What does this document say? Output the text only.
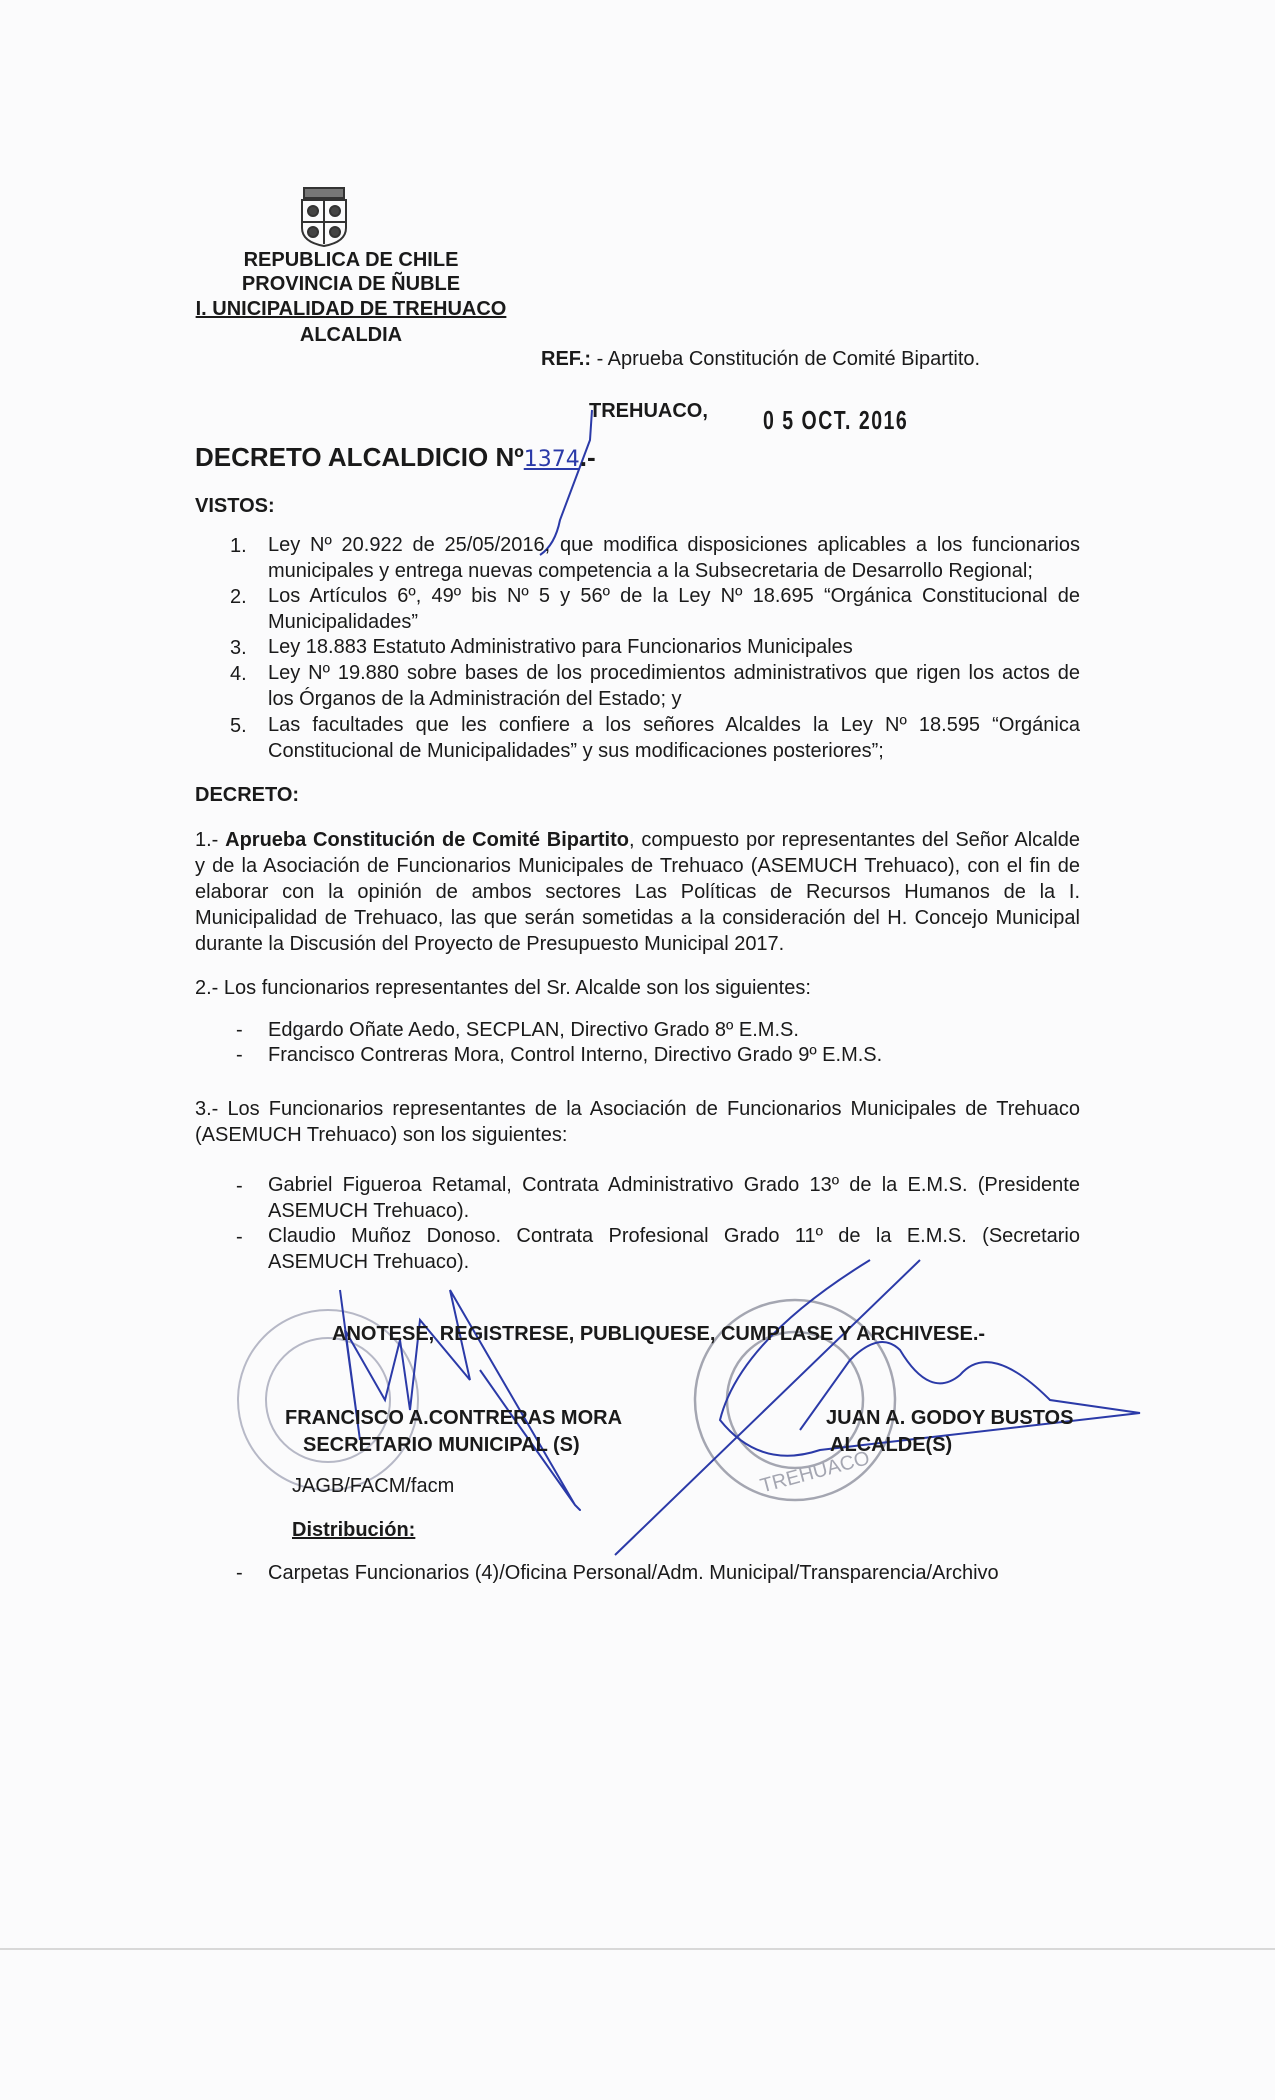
TREHUACO
REPUBLICA DE CHILE
PROVINCIA DE ÑUBLE
I. UNICIPALIDAD DE TREHUACO
ALCALDIA
REF.: - Aprueba Constitución de Comité Bipartito.
TREHUACO, 0 5 OCT. 2016
DECRETO ALCALDICIO Nº1374.-
VISTOS:
1. Ley Nº 20.922 de 25/05/2016, que modifica disposiciones aplicables a los funcionarios municipales y entrega nuevas competencia a la Subsecretaria de Desarrollo Regional;
2. Los Artículos 6º, 49º bis Nº 5 y 56º de la Ley Nº 18.695 “Orgánica Constitucional de Municipalidades”
3. Ley 18.883 Estatuto Administrativo para Funcionarios Municipales
4. Ley Nº 19.880 sobre bases de los procedimientos administrativos que rigen los actos de los Órganos de la Administración del Estado; y
5. Las facultades que les confiere a los señores Alcaldes la Ley Nº 18.595 “Orgánica Constitucional de Municipalidades” y sus modificaciones posteriores”;
DECRETO:
1.- Aprueba Constitución de Comité Bipartito, compuesto por representantes del Señor Alcalde y de la Asociación de Funcionarios Municipales de Trehuaco (ASEMUCH Trehuaco), con el fin de elaborar con la opinión de ambos sectores Las Políticas de Recursos Humanos de la I. Municipalidad de Trehuaco, las que serán sometidas a la consideración del H. Concejo Municipal durante la Discusión del Proyecto de Presupuesto Municipal 2017.
2.- Los funcionarios representantes del Sr. Alcalde son los siguientes:
- Edgardo Oñate Aedo, SECPLAN, Directivo Grado 8º E.M.S.
- Francisco Contreras Mora, Control Interno, Directivo Grado 9º E.M.S.
3.- Los Funcionarios representantes de la Asociación de Funcionarios Municipales de Trehuaco (ASEMUCH Trehuaco) son los siguientes:
- Gabriel Figueroa Retamal, Contrata Administrativo Grado 13º de la E.M.S. (Presidente ASEMUCH Trehuaco).
- Claudio Muñoz Donoso. Contrata Profesional Grado 11º de la E.M.S. (Secretario ASEMUCH Trehuaco).
ANOTESE, REGISTRESE, PUBLIQUESE, CUMPLASE Y ARCHIVESE.-
FRANCISCO A.CONTRERAS MORA
SECRETARIO MUNICIPAL (S)
JUAN A. GODOY BUSTOS
ALCALDE(S)
JAGB/FACM/facm
Distribución:
- Carpetas Funcionarios (4)/Oficina Personal/Adm. Municipal/Transparencia/Archivo
